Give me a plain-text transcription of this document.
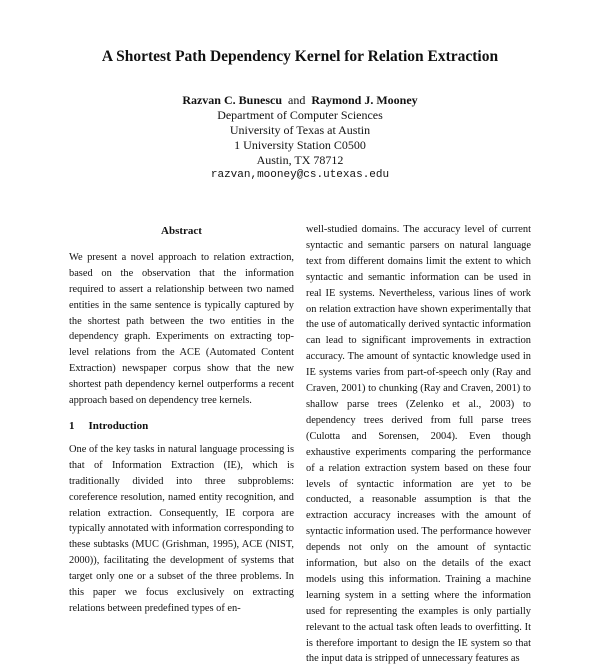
A Shortest Path Dependency Kernel for Relation Extraction
Razvan C. Bunescu and Raymond J. Mooney
Department of Computer Sciences
University of Texas at Austin
1 University Station C0500
Austin, TX 78712
razvan,mooney@cs.utexas.edu
Abstract

We present a novel approach to relation extraction, based on the observation that the information required to assert a relationship between two named entities in the same sentence is typically captured by the shortest path between the two entities in the dependency graph. Experiments on extracting top-level relations from the ACE (Automated Content Extraction) newspaper corpus show that the new shortest path dependency kernel outperforms a recent approach based on dependency tree kernels.

1 Introduction

One of the key tasks in natural language processing is that of Information Extraction (IE), which is traditionally divided into three subproblems: coreference resolution, named entity recognition, and relation extraction. Consequently, IE corpora are typically annotated with information corresponding to these subtasks (MUC (Grishman, 1995), ACE (NIST, 2000)), facilitating the development of systems that target only one or a subset of the three problems. In this paper we focus exclusively on extracting relations between predefined types of en-

well-studied domains. The accuracy level of current syntactic and semantic parsers on natural language text from different domains limit the extent to which syntactic and semantic information can be used in real IE systems. Nevertheless, various lines of work on relation extraction have shown experimentally that the use of automatically derived syntactic information can lead to significant improvements in extraction accuracy. The amount of syntactic knowledge used in IE systems varies from part-of-speech only (Ray and Craven, 2001) to chunking (Ray and Craven, 2001) to shallow parse trees (Zelenko et al., 2003) to dependency trees derived from full parse trees (Culotta and Sorensen, 2004). Even though exhaustive experiments comparing the performance of a relation extraction system based on these four levels of syntactic information are yet to be conducted, a reasonable assumption is that the extraction accuracy increases with the amount of syntactic information used. The performance however depends not only on the amount of syntactic information, but also on the details of the exact models using this information. Training a machine learning system in a setting where the information used for representing the examples is only partially relevant to the actual task often leads to overfitting. It is therefore important to design the IE system so that the input data is stripped of unnecessary features as
